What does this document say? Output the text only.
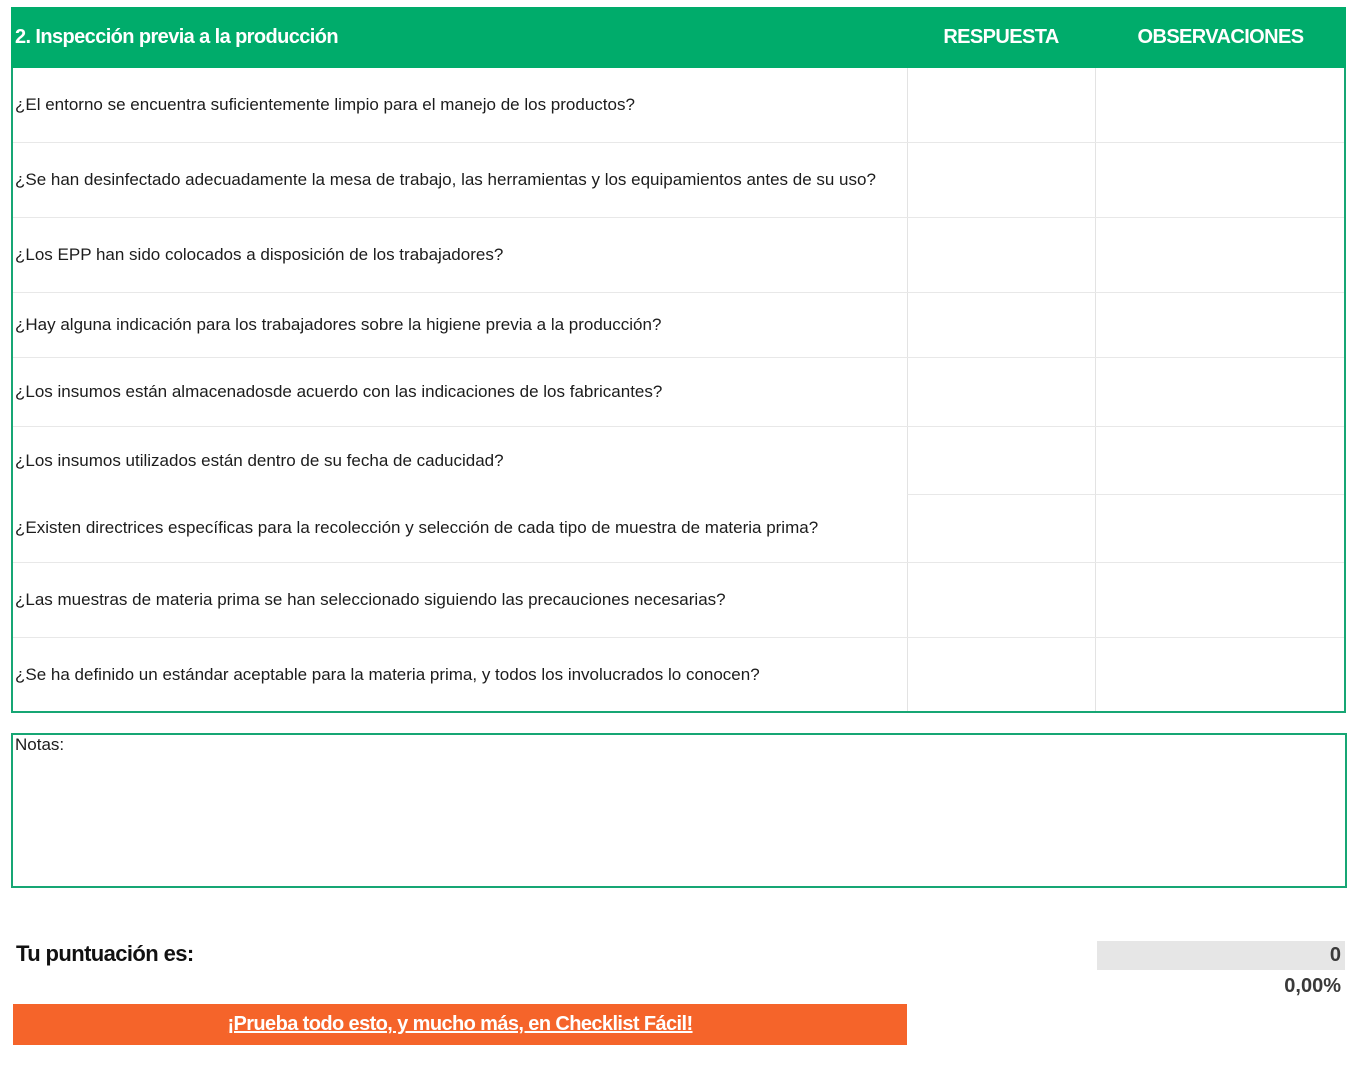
2. Inspección previa a la producción	RESPUESTA	OBSERVACIONES
¿El entorno se encuentra suficientemente limpio para el manejo de los productos?
¿Se han desinfectado adecuadamente la mesa de trabajo, las herramientas y los equipamientos antes de su uso?
¿Los EPP han sido colocados a disposición de los trabajadores?
¿Hay alguna indicación para los trabajadores sobre la higiene previa a la producción?
¿Los insumos están almacenadosde acuerdo con las indicaciones de los fabricantes?
¿Los insumos utilizados están dentro de su fecha de caducidad?
¿Existen directrices específicas para la recolección y selección de cada tipo de muestra de materia prima?
¿Las muestras de materia prima se han seleccionado siguiendo las precauciones necesarias?
¿Se ha definido un estándar aceptable para la materia prima, y todos los involucrados lo conocen?
Notas:
Tu puntuación es:	0
0,00%
¡Prueba todo esto, y mucho más, en Checklist Fácil!
